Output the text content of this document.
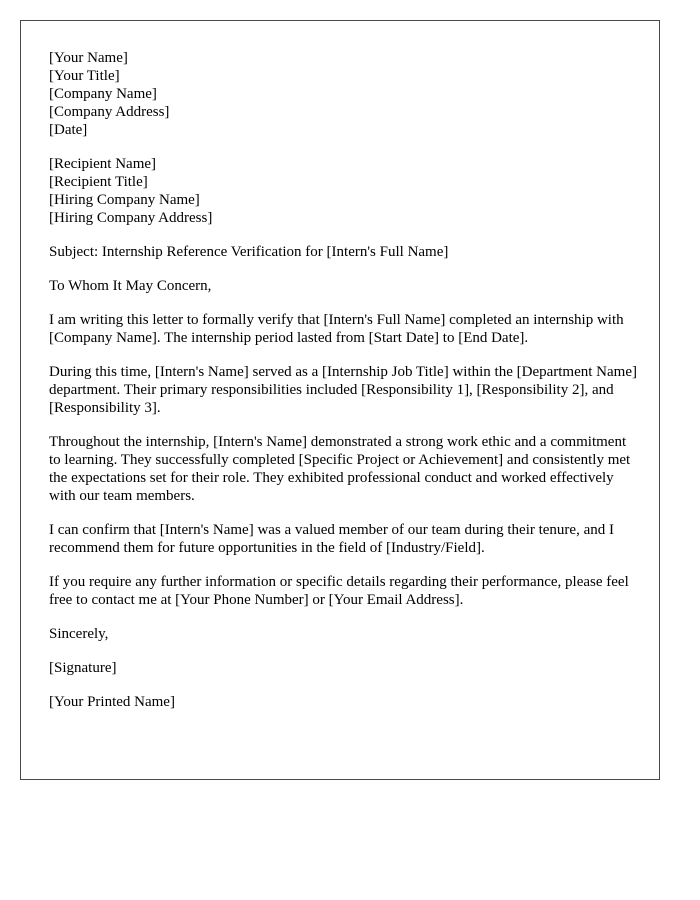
[Your Name]
[Your Title]
[Company Name]
[Company Address]
[Date]
[Recipient Name]
[Recipient Title]
[Hiring Company Name]
[Hiring Company Address]

Subject: Internship Reference Verification for [Intern's Full Name]

To Whom It May Concern,

I am writing this letter to formally verify that [Intern's Full Name] completed an internship with [Company Name]. The internship period lasted from [Start Date] to [End Date].

During this time, [Intern's Name] served as a [Internship Job Title] within the [Department Name] department. Their primary responsibilities included [Responsibility 1], [Responsibility 2], and [Responsibility 3].

Throughout the internship, [Intern's Name] demonstrated a strong work ethic and a commitment to learning. They successfully completed [Specific Project or Achievement] and consistently met the expectations set for their role. They exhibited professional conduct and worked effectively with our team members.

I can confirm that [Intern's Name] was a valued member of our team during their tenure, and I recommend them for future opportunities in the field of [Industry/Field].

If you require any further information or specific details regarding their performance, please feel free to contact me at [Your Phone Number] or [Your Email Address].

Sincerely,

[Signature]

[Your Printed Name]
